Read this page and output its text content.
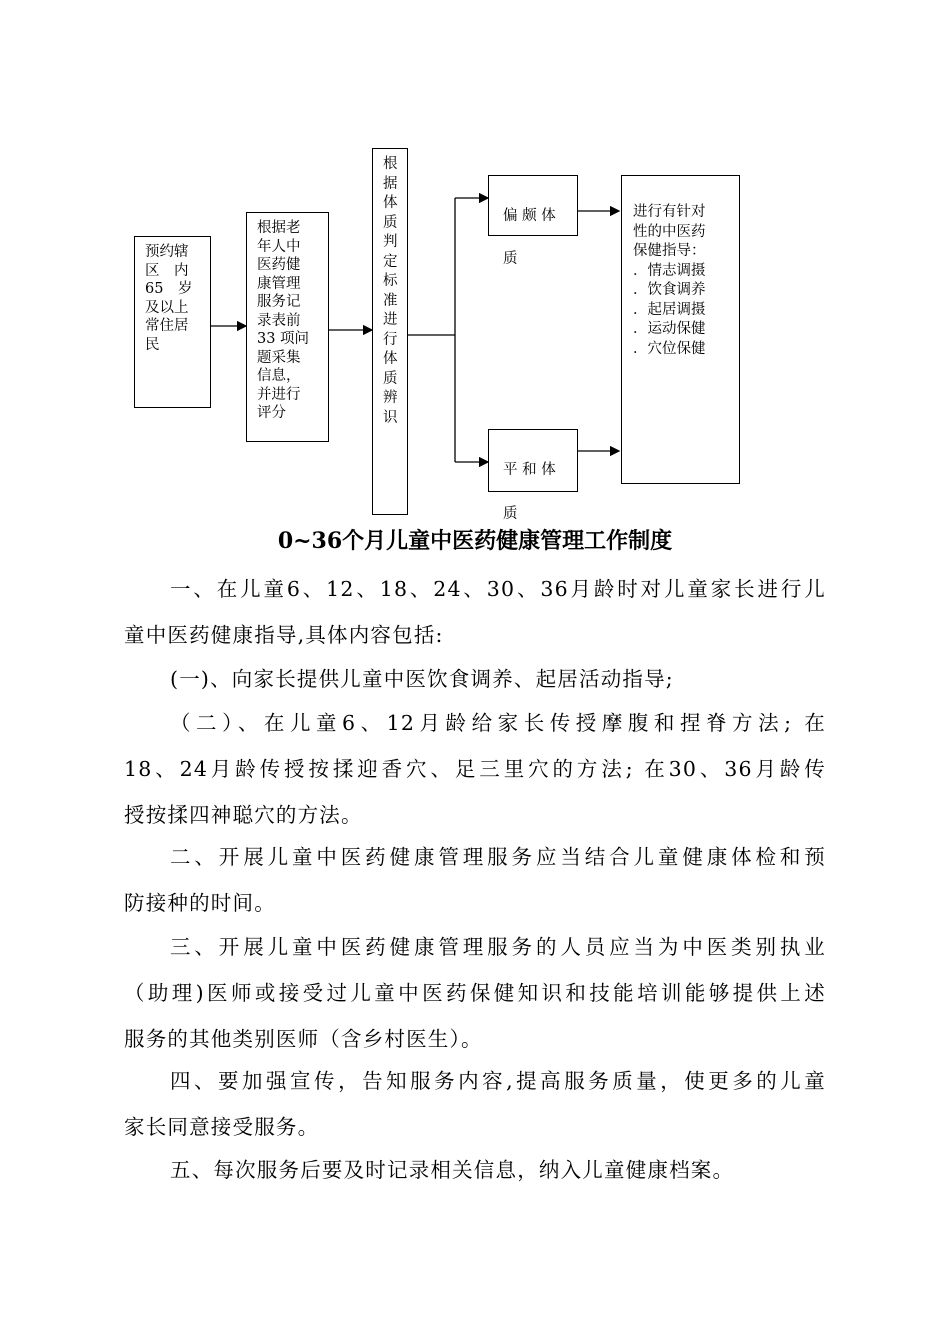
预约辖
区　内
65　岁
及以上
常住居
民
根据老
年人中
医药健
康管理
服务记
录表前
33 项问
题采集
信息，
并进行
评分
根
据
体
质
判
定
标
准
进
行
体
质
辨
识
偏 颇 体
质
平 和 体
质
进行有针对
性的中医药
保健指导：
．情志调摄
．饮食调养
．起居调摄
．运动保健
．穴位保健
0~36个月儿童中医药健康管理工作制度
一、在儿童6、12、18、24、30、36月龄时对儿童家长进行儿
童中医药健康指导,具体内容包括:
(一)、向家长提供儿童中医饮食调养、起居活动指导;
（二）、在儿童6、12月龄给家长传授摩腹和捏脊方法; 在
18、24月龄传授按揉迎香穴、足三里穴的方法; 在30、36月龄传
授按揉四神聪穴的方法。
二、开展儿童中医药健康管理服务应当结合儿童健康体检和预
防接种的时间。
三、开展儿童中医药健康管理服务的人员应当为中医类别执业
（助理)医师或接受过儿童中医药保健知识和技能培训能够提供上述
服务的其他类别医师（含乡村医生）。
四、要加强宣传，告知服务内容,提高服务质量，使更多的儿童
家长同意接受服务。
五、每次服务后要及时记录相关信息，纳入儿童健康档案。
